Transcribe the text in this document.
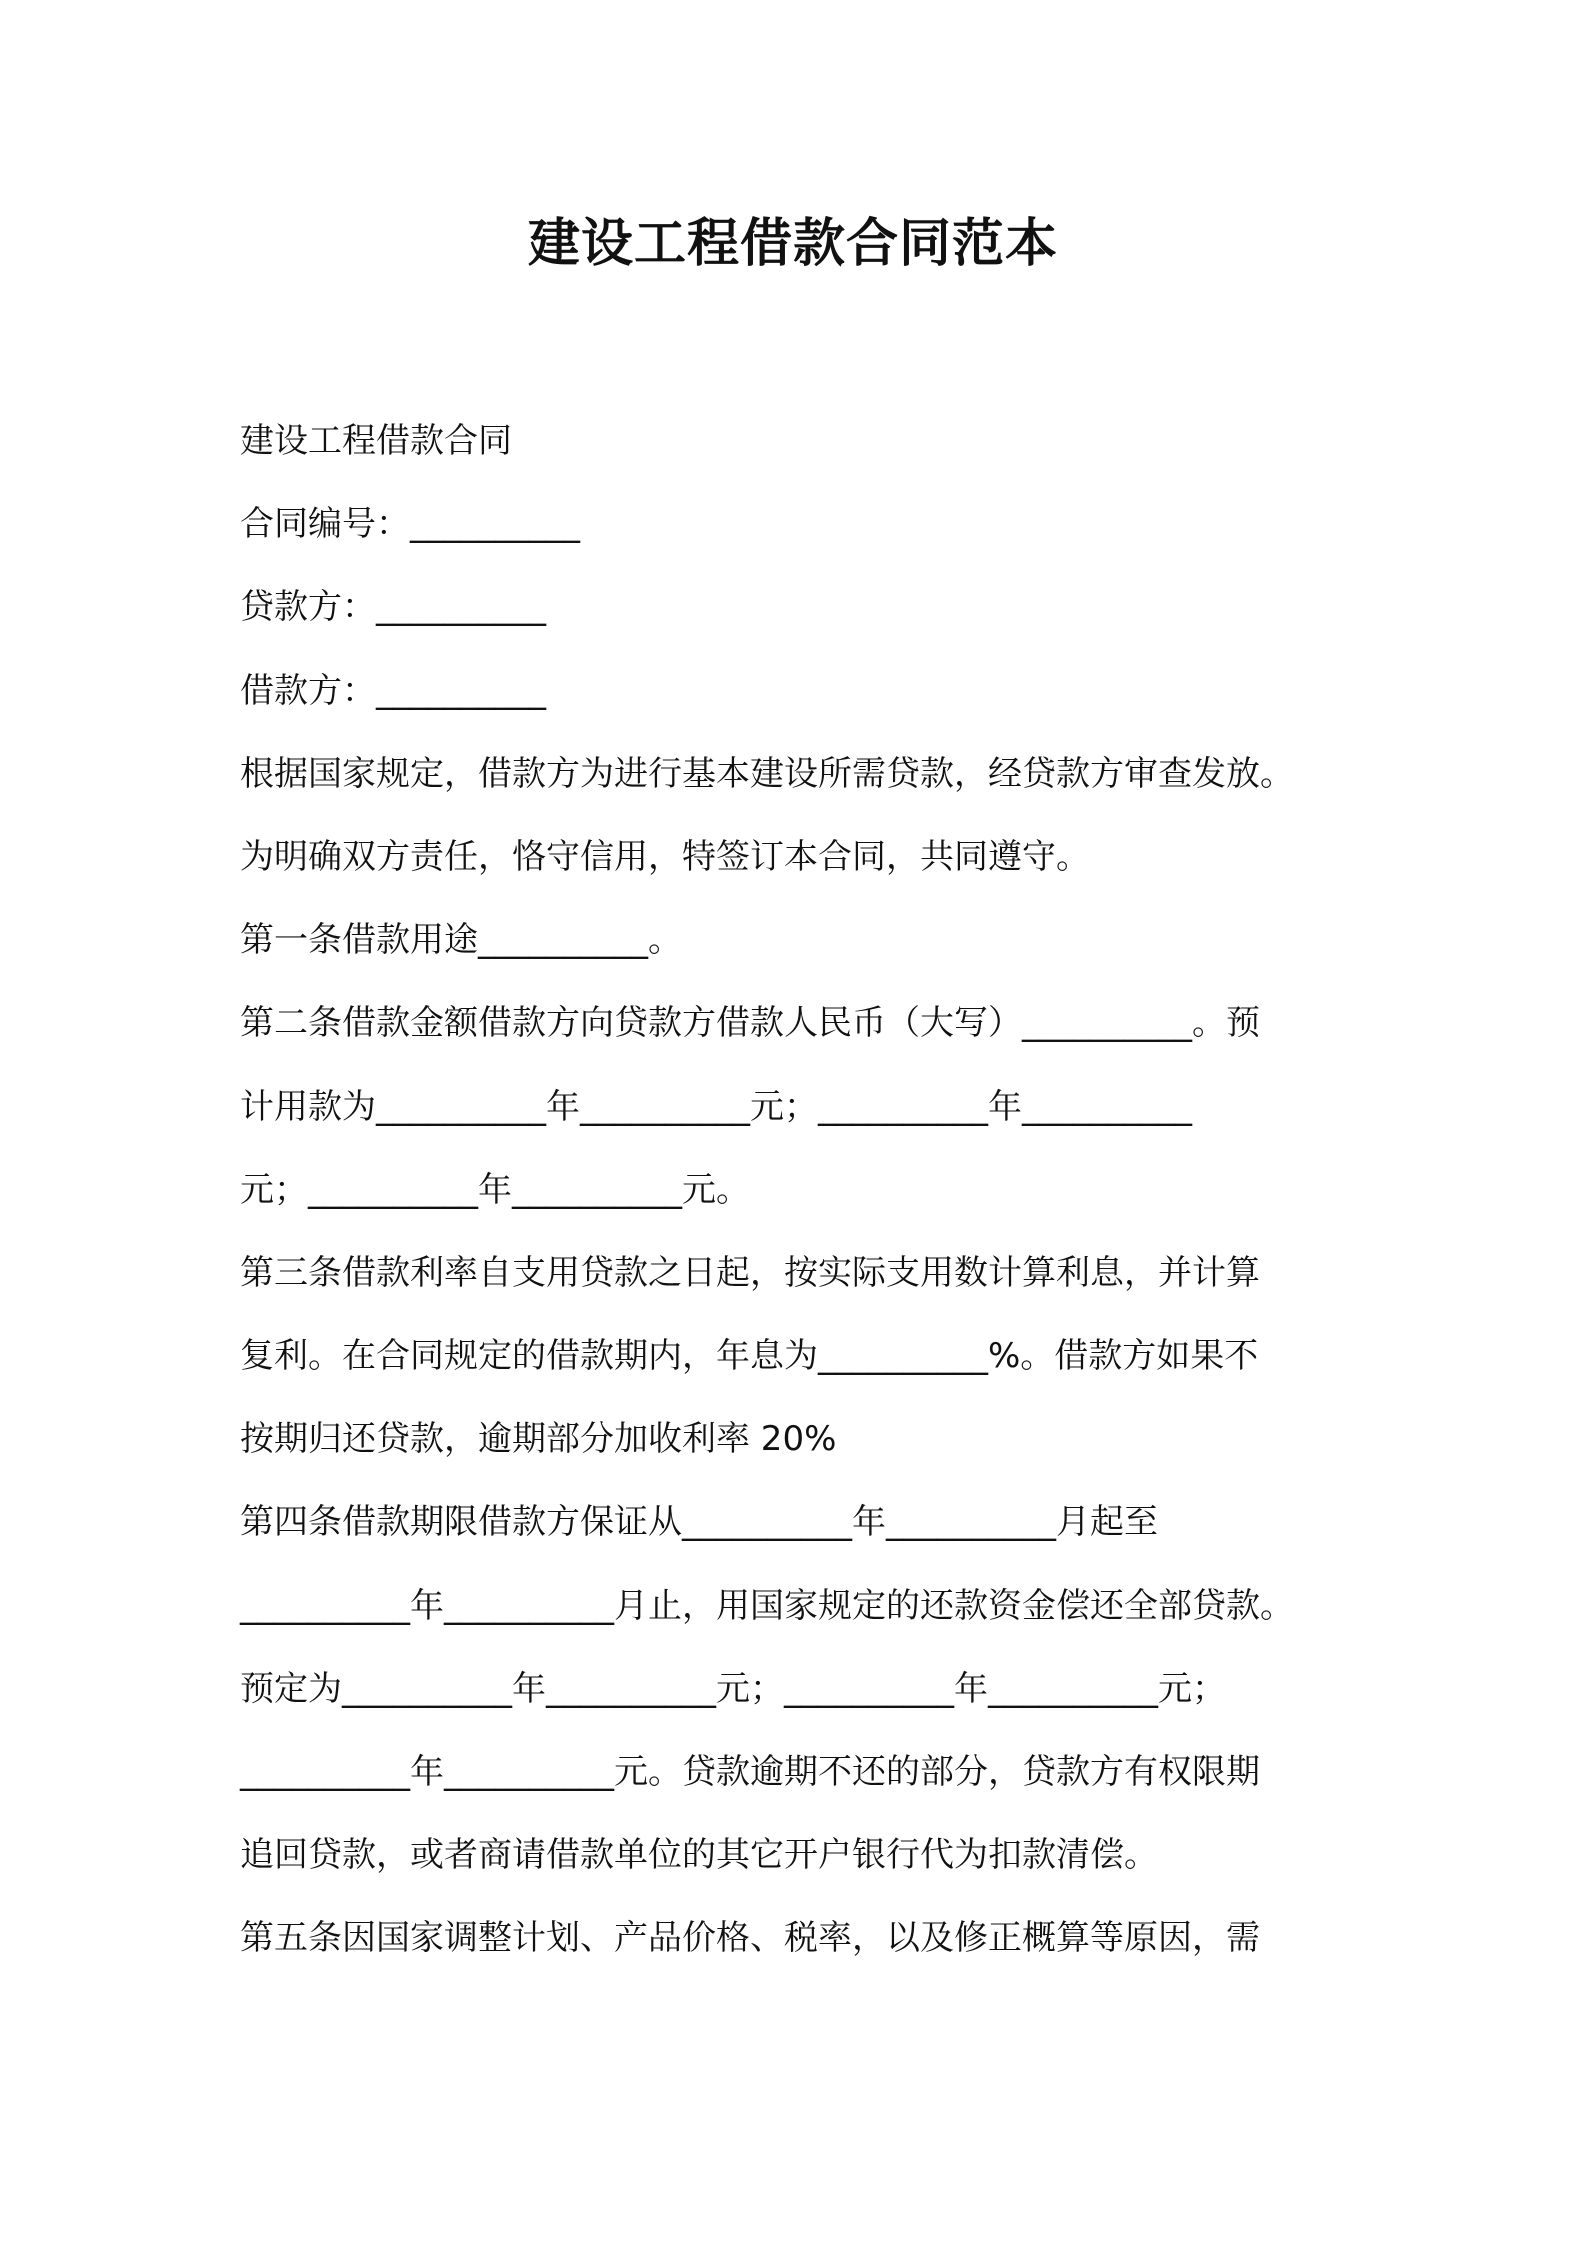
建设工程借款合同范本
建设工程借款合同
合同编号：__________
贷款方：__________
借款方：__________
根据国家规定，借款方为进行基本建设所需贷款，经贷款方审查发放。
为明确双方责任，恪守信用，特签订本合同，共同遵守。
第一条借款用途__________。
第二条借款金额借款方向贷款方借款人民币（大写）__________。预
计用款为__________年__________元；__________年__________
元；__________年__________元。
第三条借款利率自支用贷款之日起，按实际支用数计算利息，并计算
复利。在合同规定的借款期内，年息为__________%。借款方如果不
按期归还贷款，逾期部分加收利率 20%
第四条借款期限借款方保证从__________年__________月起至
__________年__________月止，用国家规定的还款资金偿还全部贷款。
预定为__________年__________元；__________年__________元；
__________年__________元。贷款逾期不还的部分，贷款方有权限期
追回贷款，或者商请借款单位的其它开户银行代为扣款清偿。
第五条因国家调整计划、产品价格、税率，以及修正概算等原因，需
